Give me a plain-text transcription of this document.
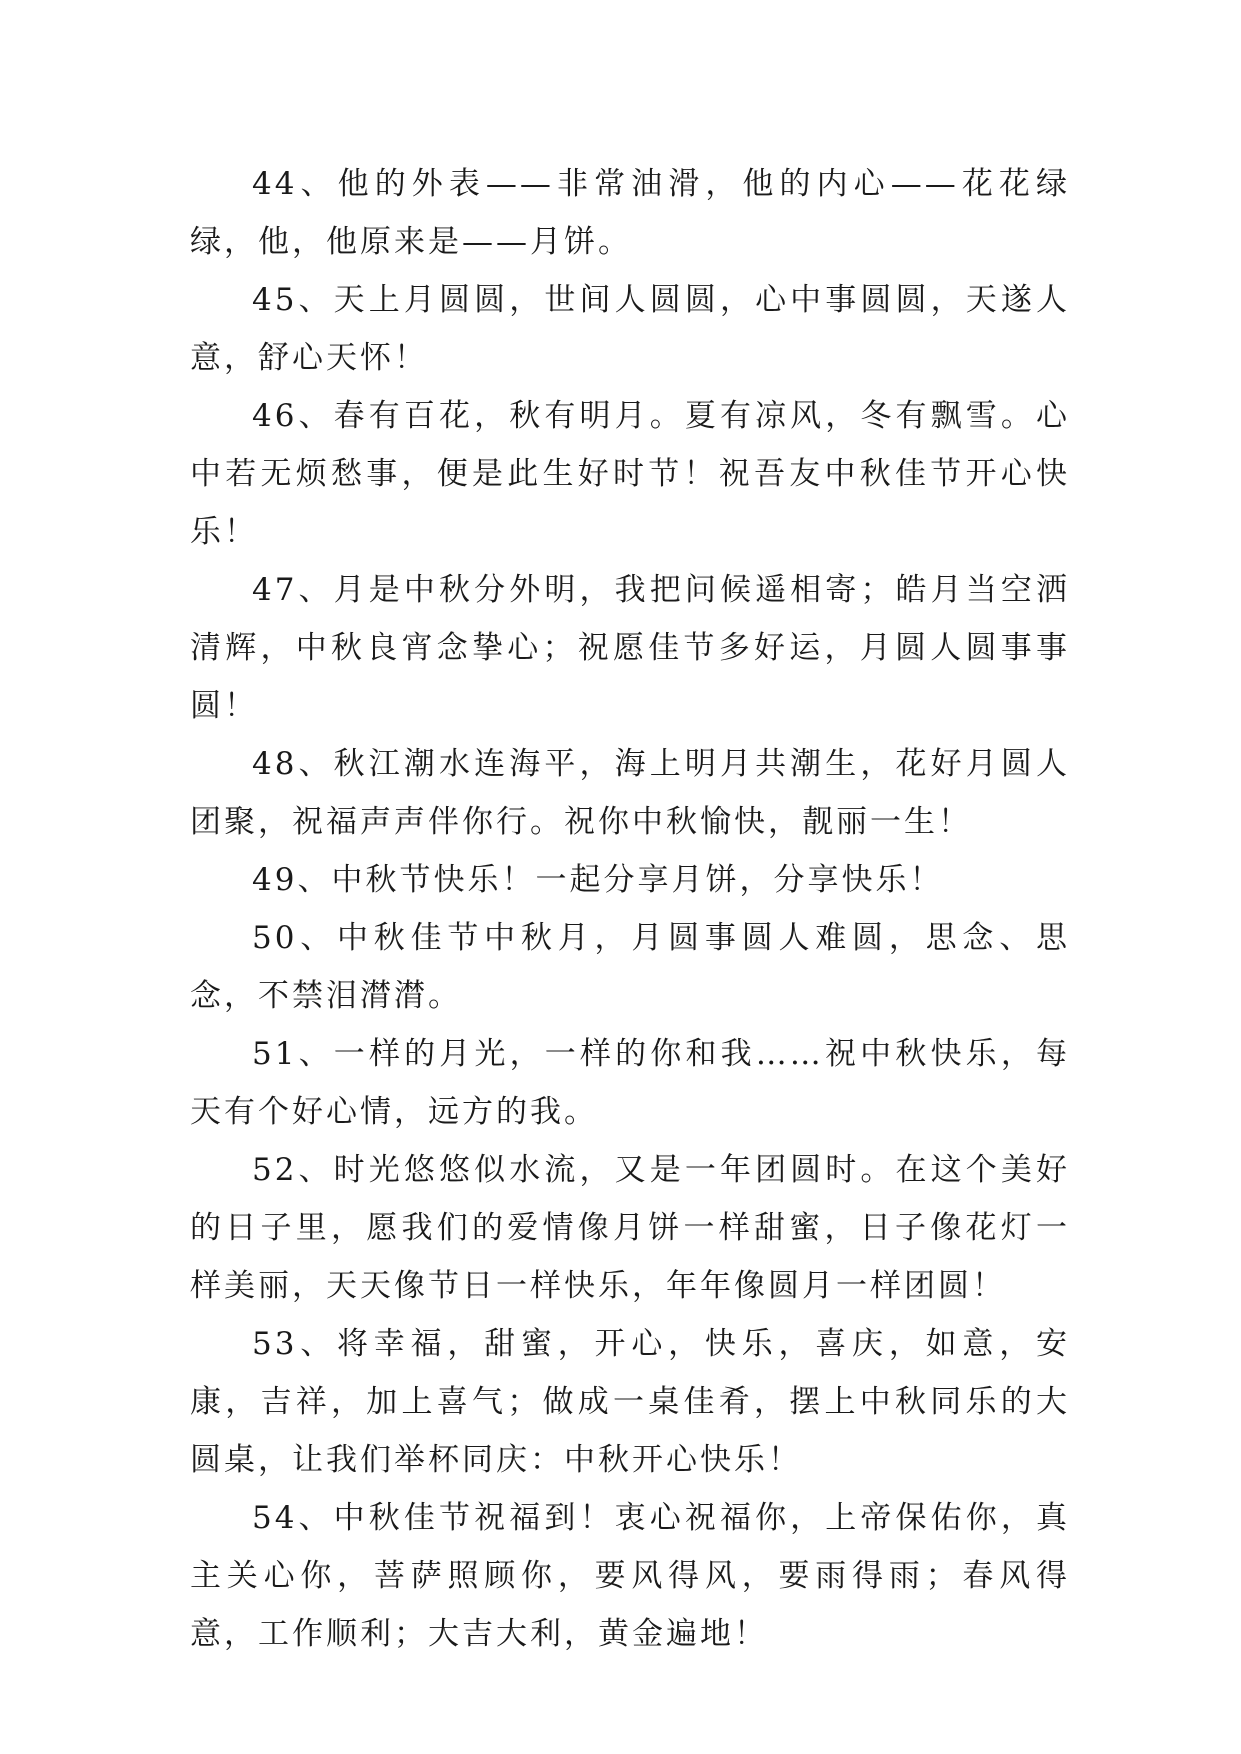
44、他的外表——非常油滑，他的内心——花花绿绿，他，他原来是——月饼。

45、天上月圆圆，世间人圆圆，心中事圆圆，天遂人意，舒心天怀！

46、春有百花，秋有明月。夏有凉风，冬有飘雪。心中若无烦愁事，便是此生好时节！祝吾友中秋佳节开心快乐！

47、月是中秋分外明，我把问候遥相寄；皓月当空洒清辉，中秋良宵念挚心；祝愿佳节多好运，月圆人圆事事圆！

48、秋江潮水连海平，海上明月共潮生，花好月圆人团聚，祝福声声伴你行。祝你中秋愉快，靓丽一生！

49、中秋节快乐！一起分享月饼，分享快乐！

50、中秋佳节中秋月，月圆事圆人难圆，思念、思念，不禁泪潸潸。

51、一样的月光，一样的你和我……祝中秋快乐，每天有个好心情，远方的我。

52、时光悠悠似水流，又是一年团圆时。在这个美好的日子里，愿我们的爱情像月饼一样甜蜜，日子像花灯一样美丽，天天像节日一样快乐，年年像圆月一样团圆！

53、将幸福，甜蜜，开心，快乐，喜庆，如意，安康，吉祥，加上喜气；做成一桌佳肴，摆上中秋同乐的大圆桌，让我们举杯同庆：中秋开心快乐！

54、中秋佳节祝福到！衷心祝福你，上帝保佑你，真主关心你，菩萨照顾你，要风得风，要雨得雨；春风得意，工作顺利；大吉大利，黄金遍地！
